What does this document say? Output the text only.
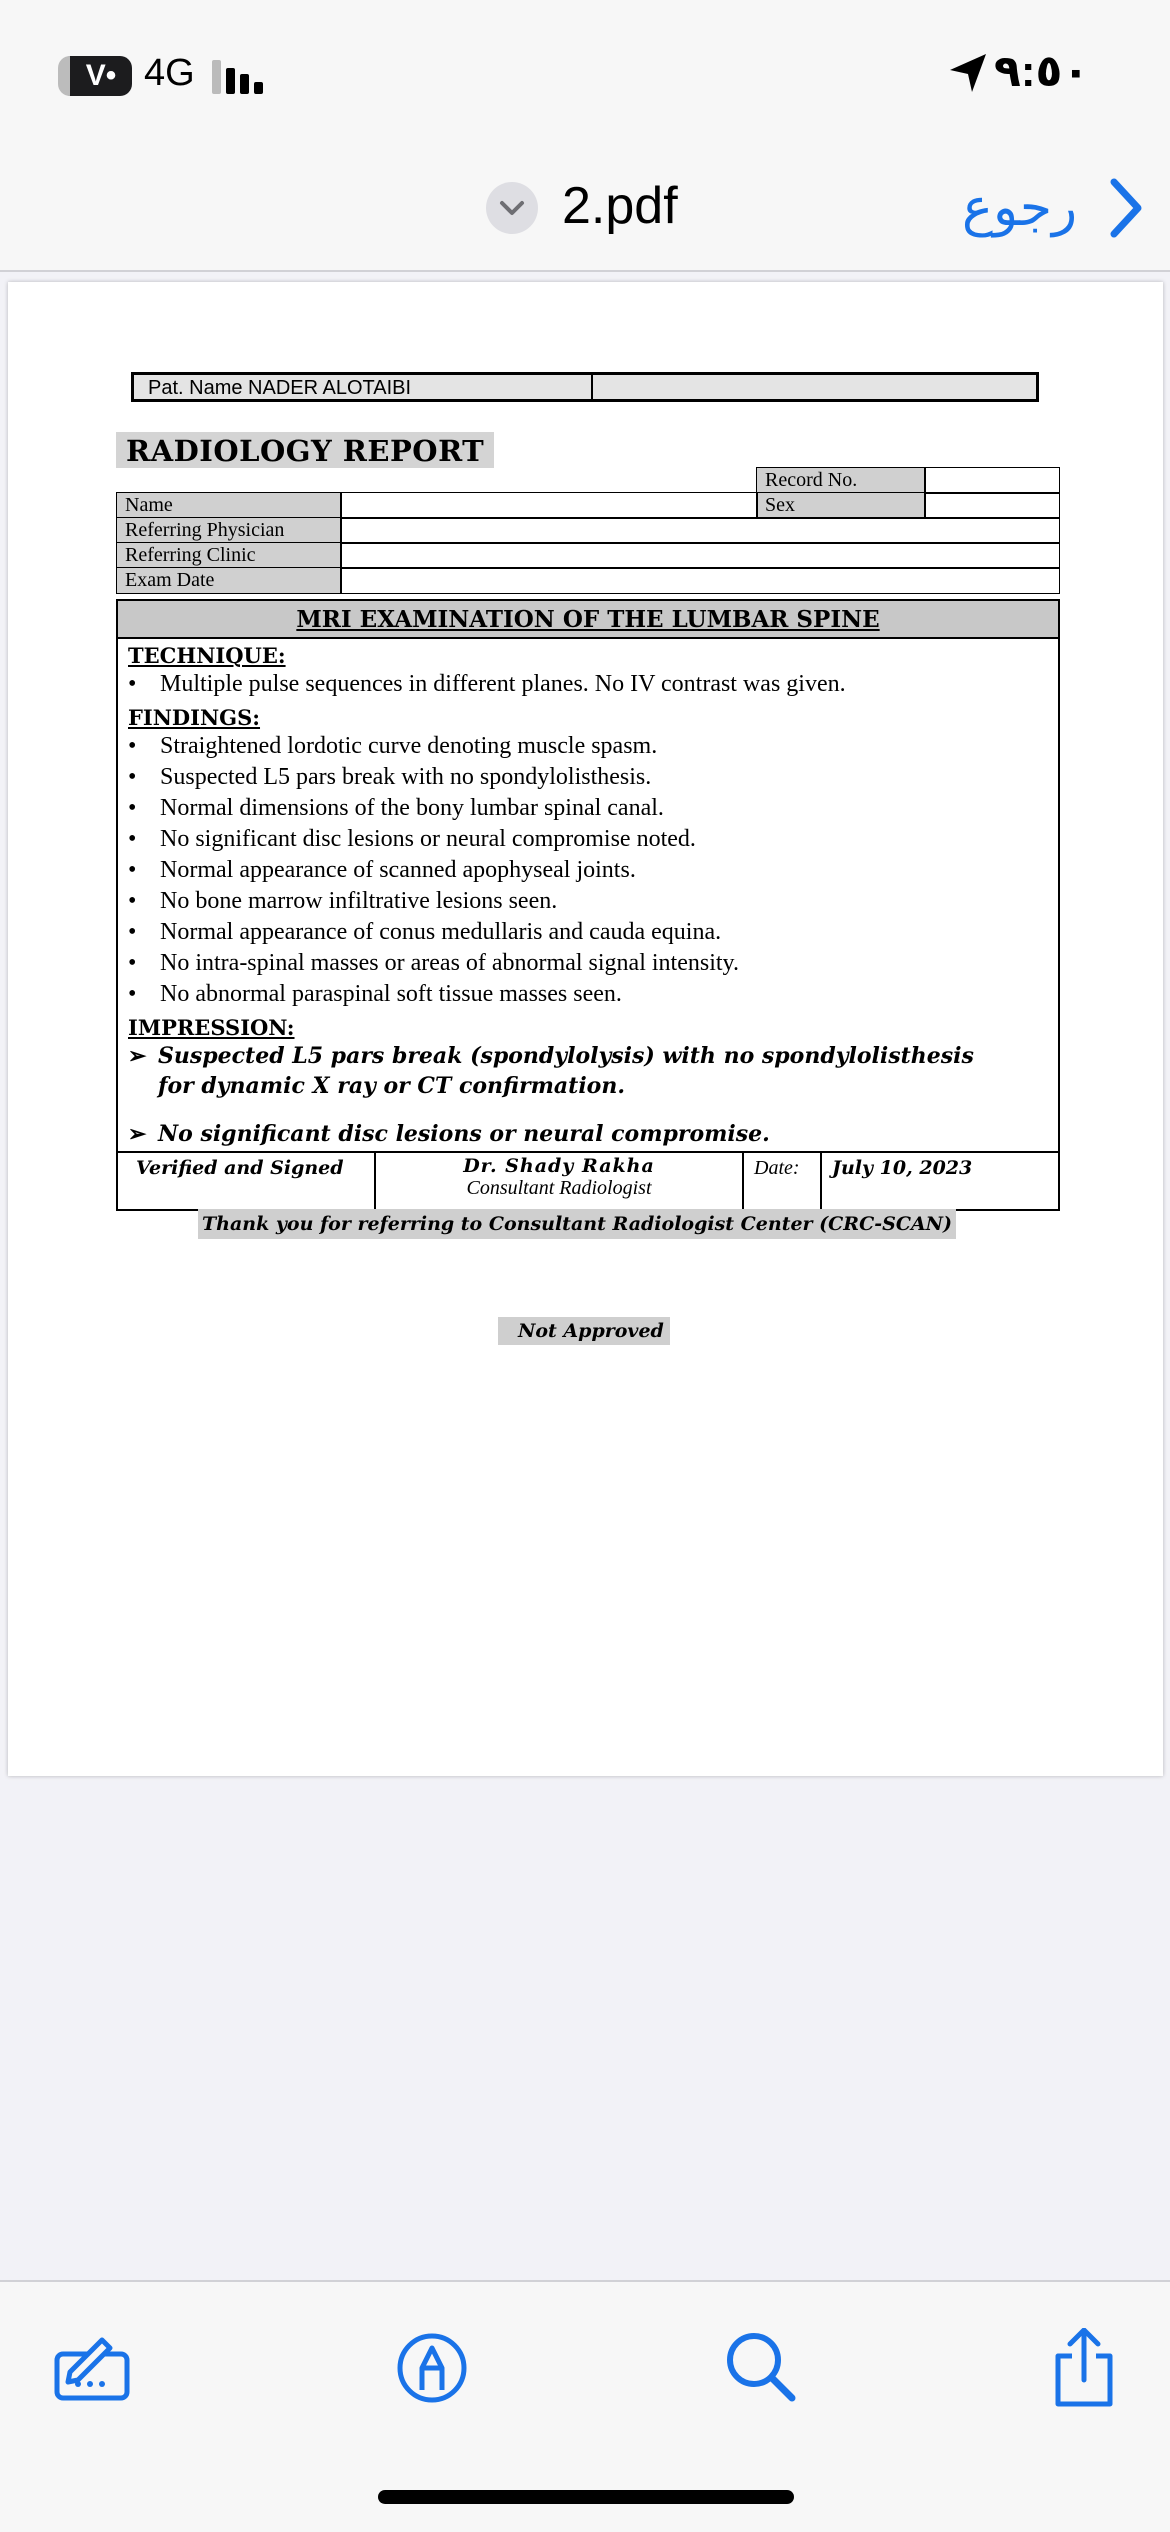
V• 4G	٩:٥٠
2.pdf	رجوع
Pat. Name NADER ALOTAIBI
RADIOLOGY REPORT
Record No.
Sex
Name
Referring Physician
Referring Clinic
Exam Date
MRI EXAMINATION OF THE LUMBAR SPINE
TECHNIQUE:
• Multiple pulse sequences in different planes. No IV contrast was given.
FINDINGS:
• Straightened lordotic curve denoting muscle spasm.
• Suspected L5 pars break with no spondylolisthesis.
• Normal dimensions of the bony lumbar spinal canal.
• No significant disc lesions or neural compromise noted.
• Normal appearance of scanned apophyseal joints.
• No bone marrow infiltrative lesions seen.
• Normal appearance of conus medullaris and cauda equina.
• No intra-spinal masses or areas of abnormal signal intensity.
• No abnormal paraspinal soft tissue masses seen.
IMPRESSION:
➢ Suspected L5 pars break (spondylolysis) with no spondylolisthesis
for dynamic X ray or CT confirmation.
➢ No significant disc lesions or neural compromise.
Verified and Signed	Dr. Shady Rakha
Consultant Radiologist
Date:	July 10, 2023
Thank you for referring to Consultant Radiologist Center (CRC-SCAN)
Not Approved
